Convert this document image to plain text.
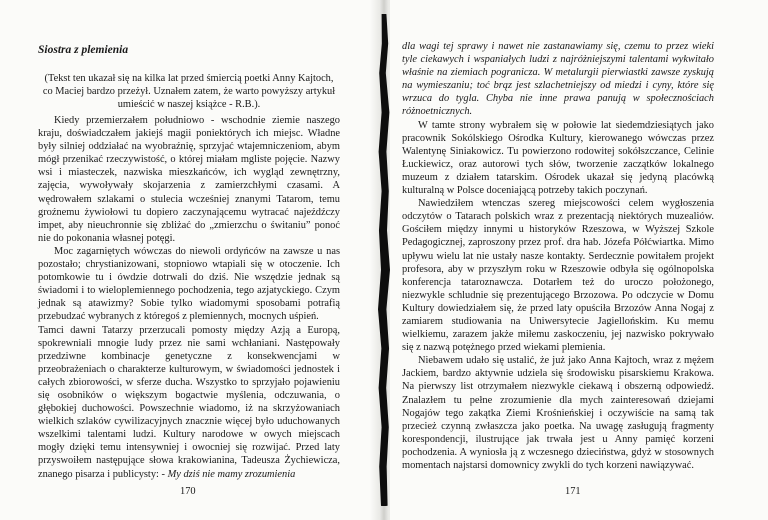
Siostra z plemienia

(Tekst ten ukazał się na kilka lat przed śmiercią poetki Anny Kajtoch, co Maciej bardzo przeżył. Uznałem zatem, że warto powyższy artykuł umieścić w naszej książce - R.B.).

Kiedy przemierzałem południowo - wschodnie ziemie naszego kraju, doświadczałem jakiejś magii poniektórych ich miejsc. Władne były silniej oddziałać na wyobraźnię, sprzyjać wtajemniczeniom, abym mógł przenikać rzeczywistość, o której miałam mgliste pojęcie. Nazwy wsi i miasteczek, nazwiska mieszkańców, ich wygląd zewnętrzny, zajęcia, wywoływały skojarzenia z zamierzchłymi czasami. A wędrowałem szlakami o stulecia wcześniej znanymi Tatarom, temu groźnemu żywiołowi tu dopiero zaczynającemu wytracać najeźdźczy impet, aby nieuchronnie się zbliżać do „zmierzchu o świtaniu” ponoć nie do pokonania własnej potęgi.

Moc zagarniętych wówczas do niewoli ordyńców na zawsze u nas pozostało; chrystianizowani, stopniowo wtapiali się w otoczenie. Ich potomkowie tu i ówdzie dotrwali do dziś. Nie wszędzie jednak są świadomi i to wieloplemiennego pochodzenia, tego azjatyckiego. Czym jednak są atawizmy? Sobie tylko wiadomymi sposobami potrafią przebudzać wybranych z któregoś z plemiennych, mocnych uśpień.

Tamci dawni Tatarzy przerzucali pomosty między Azją a Europą, spokrewniali mnogie ludy przez nie sami wchłaniani. Następowały przedziwne kombinacje genetyczne z konsekwencjami w przeobrażeniach o charakterze kulturowym, w świadomości jednostek i całych zbiorowości, w sferze ducha. Wszystko to sprzyjało pojawieniu się osobników o większym bogactwie myślenia, odczuwania, o głębokiej duchowości. Powszechnie wiadomo, iż na skrzyżowaniach wielkich szlaków cywilizacyjnych znacznie więcej było uduchowanych wszelkimi talentami ludzi. Kultury narodowe w owych miejscach mogły dzięki temu intensywniej i owocniej się rozwijać. Przed laty przyswoiłem następujące słowa krakowianina, Tadeusza Żychiewicza, znanego pisarza i publicysty: - My dziś nie mamy zrozumienia

170

dla wagi tej sprawy i nawet nie zastanawiamy się, czemu to przez wieki tyle ciekawych i wspaniałych ludzi z najróżniejszymi talentami wykwitało właśnie na ziemiach pogranicza. W metalurgii pierwiastki zawsze zyskują na wymieszaniu; toć brąz jest szlachetniejszy od miedzi i cyny, które się wrzuca do tygla. Chyba nie inne prawa panują w społecznościach różnoetnicznych.

W tamte strony wybrałem się w połowie lat siedemdziesiątych jako pracownik Sokólskiego Ośrodka Kultury, kierowanego wówczas przez Walentynę Siniakowicz. Tu powierzono rodowitej sokółszczance, Celinie Łuckiewicz, oraz autorowi tych słów, tworzenie zaczątków lokalnego muzeum z działem tatarskim. Ośrodek ukazał się jedyną placówką kulturalną w Polsce doceniającą potrzeby takich poczynań.

Nawiedziłem wtenczas szereg miejscowości celem wygłoszenia odczytów o Tatarach polskich wraz z prezentacją niektórych muzealiów. Gościłem między innymi u historyków Rzeszowa, w Wyższej Szkole Pedagogicznej, zaproszony przez prof. dra hab. Józefa Półćwiartka. Mimo upływu wielu lat nie ustały nasze kontakty. Serdecznie powitałem projekt profesora, aby w przyszłym roku w Rzeszowie odbyła się ogólnopolska konferencja tataroznawcza. Dotarłem też do uroczo położonego, niezwykle schludnie się prezentującego Brzozowa. Po odczycie w Domu Kultury dowiedziałem się, że przed laty opuściła Brzozów Anna Nogaj z zamiarem studiowania na Uniwersytecie Jagiellońskim. Ku memu wielkiemu, zarazem jakże miłemu zaskoczeniu, jej nazwisko pokrywało się z nazwą potężnego przed wiekami plemienia.

Niebawem udało się ustalić, że już jako Anna Kajtoch, wraz z mężem Jackiem, bardzo aktywnie udziela się środowisku pisarskiemu Krakowa. Na pierwszy list otrzymałem niezwykle ciekawą i obszerną odpowiedź. Znalazłem tu pełne zrozumienie dla mych zainteresowań dziejami Nogajów tego zakątka Ziemi Krośnieńskiej i oczywiście na samą tak przecież czynną zwłaszcza jako poetka. Na uwagę zasługują fragmenty korespondencji, ilustrujące jak trwała jest u Anny pamięć korzeni pochodzenia. A wyniosła ją z wczesnego dzieciństwa, gdyż w stosownych momentach najstarsi domownicy zwykli do tych korzeni nawiązywać.

171
